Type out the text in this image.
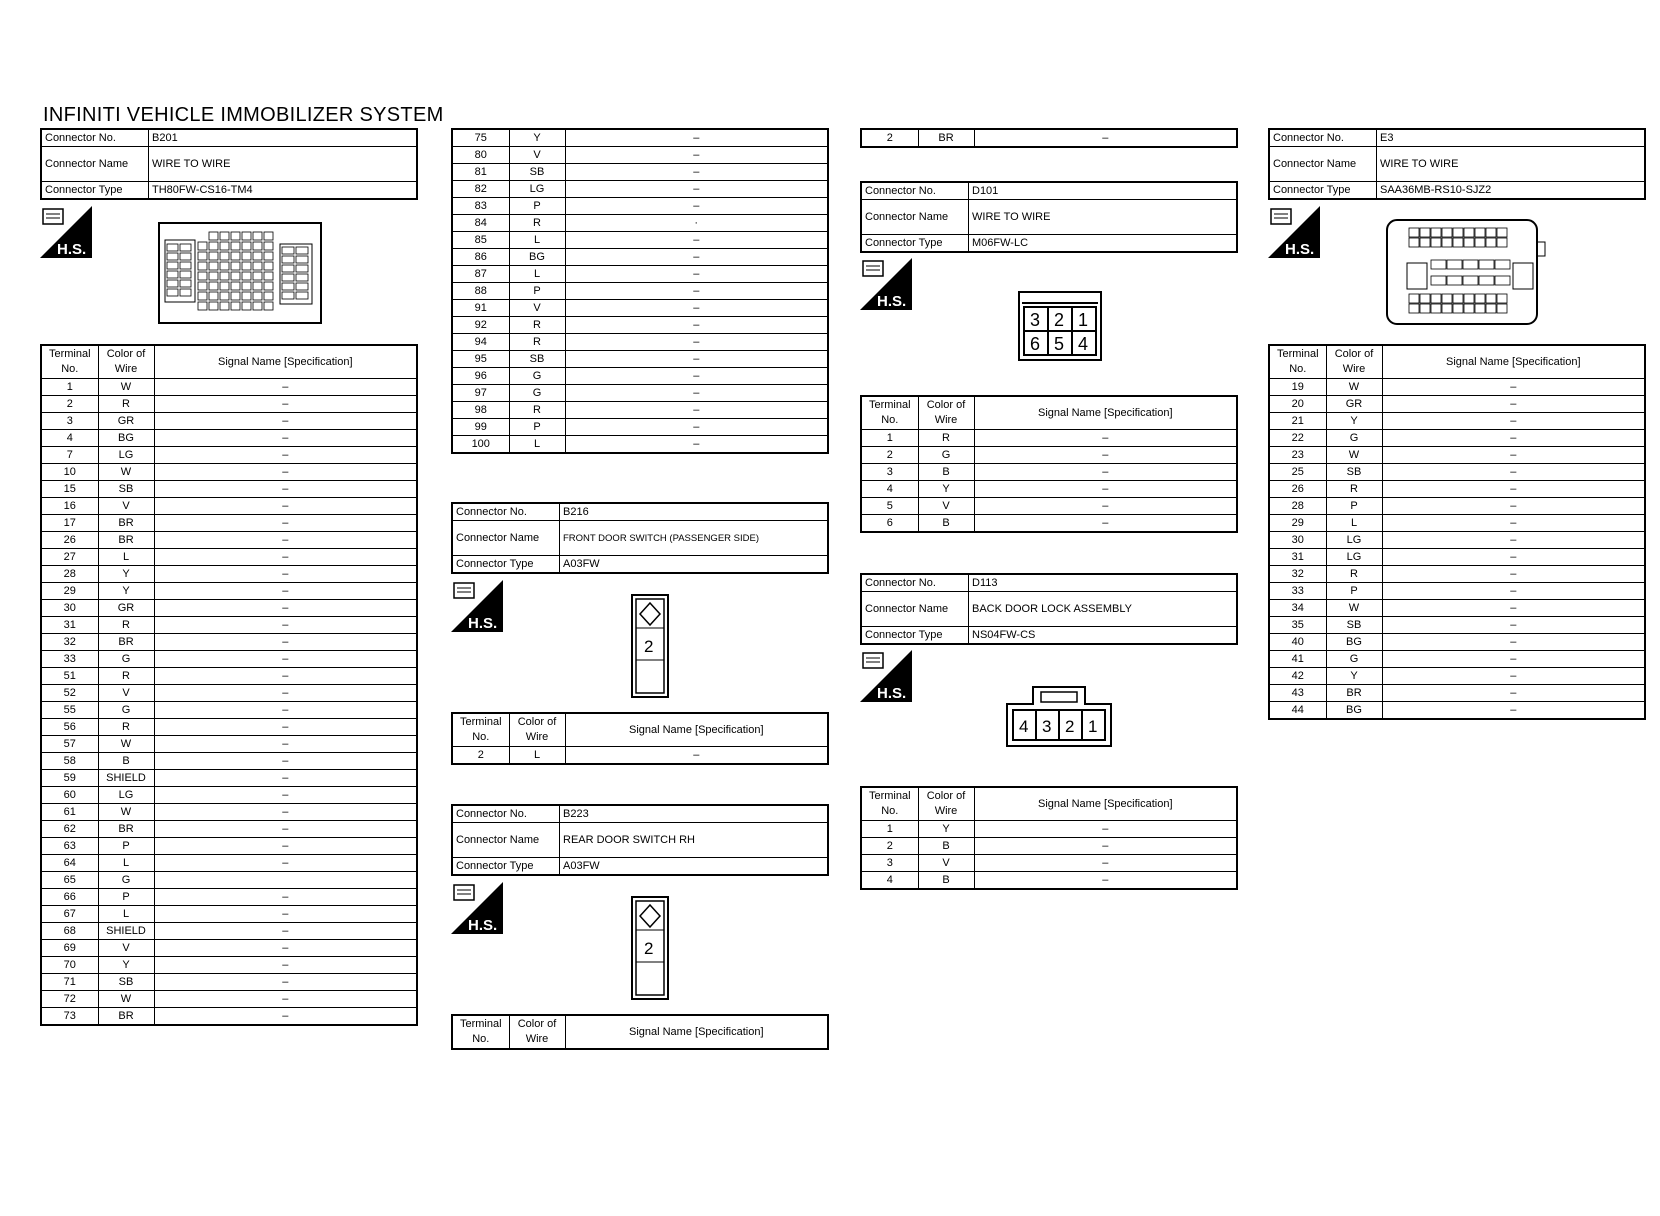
INFINITI VEHICLE IMMOBILIZER SYSTEM
Connector No.	B201
Connector Name	WIRE TO WIRE
Connector Type	TH80FW-CS16-TM4
H.S.
Terminal No.	Color of Wire	Signal Name [Specification]
1	W	–
2	R	–
3	GR	–
4	BG	–
7	LG	–
10	W	–
15	SB	–
16	V	–
17	BR	–
26	BR	–
27	L	–
28	Y	–
29	Y	–
30	GR	–
31	R	–
32	BR	–
33	G	–
51	R	–
52	V	–
55	G	–
56	R	–
57	W	–
58	B	–
59	SHIELD	–
60	LG	–
61	W	–
62	BR	–
63	P	–
64	L	–
65	G	
66	P	–
67	L	–
68	SHIELD	–
69	V	–
70	Y	–
71	SB	–
72	W	–
73	BR	–
75	Y	–
80	V	–
81	SB	–
82	LG	–
83	P	–
84	R	·
85	L	–
86	BG	–
87	L	–
88	P	–
91	V	–
92	R	–
94	R	–
95	SB	–
96	G	–
97	G	–
98	R	–
99	P	–
100	L	–
Connector No.	B216
Connector Name	FRONT DOOR SWITCH (PASSENGER SIDE)
Connector Type	A03FW
H.S.
2
Terminal No.	Color of Wire	Signal Name [Specification]
2	L	–
Connector No.	B223
Connector Name	REAR DOOR SWITCH RH
Connector Type	A03FW
H.S.
2
Terminal No.	Color of Wire	Signal Name [Specification]
2	BR	–
Connector No.	D101
Connector Name	WIRE TO WIRE
Connector Type	M06FW-LC
H.S.
3 2 1
6 5 4
Terminal No.	Color of Wire	Signal Name [Specification]
1	R	–
2	G	–
3	B	–
4	Y	–
5	V	–
6	B	–
Connector No.	D113
Connector Name	BACK DOOR LOCK ASSEMBLY
Connector Type	NS04FW-CS
H.S.
4 3 2 1
Terminal No.	Color of Wire	Signal Name [Specification]
1	Y	–
2	B	–
3	V	–
4	B	–
Connector No.	E3
Connector Name	WIRE TO WIRE
Connector Type	SAA36MB-RS10-SJZ2
H.S.
Terminal No.	Color of Wire	Signal Name [Specification]
19	W	–
20	GR	–
21	Y	–
22	G	–
23	W	–
25	SB	–
26	R	–
28	P	–
29	L	–
30	LG	–
31	LG	–
32	R	–
33	P	–
34	W	–
35	SB	–
40	BG	–
41	G	–
42	Y	–
43	BR	–
44	BG	–
